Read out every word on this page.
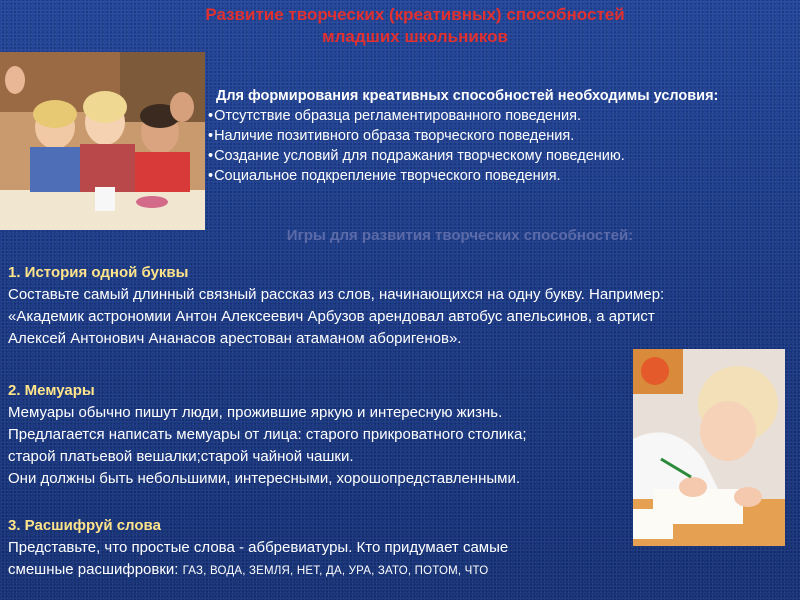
Развитие творческих (креативных) способностей
младших школьников
Для формирования креативных способностей необходимы условия:
•Отсутствие образца регламентированного поведения.
•Наличие позитивного образа творческого поведения.
•Создание условий для подражания творческому поведению.
•Социальное подкрепление творческого поведения.
Игры для развития творческих способностей:
1. История одной буквы
Составьте самый длинный связный рассказ из слов, начинающихся на одну букву. Например:
«Академик астрономии Антон Алексеевич Арбузов арендовал автобус апельсинов, а артист
Алексей Антонович Ананасов арестован атаманом аборигенов».
2. Мемуары
Мемуары обычно пишут люди, прожившие яркую и интересную жизнь.
Предлагается написать мемуары от лица: старого прикроватного столика;
старой платьевой вешалки;старой чайной чашки.
Они должны быть небольшими, интересными, хорошопредставленными.
3. Расшифруй слова
Представьте, что простые слова - аббревиатуры. Кто придумает самые
смешные расшифровки: ГАЗ, ВОДА, ЗЕМЛЯ, НЕТ, ДА, УРА, ЗАТО, ПОТОМ, ЧТО
